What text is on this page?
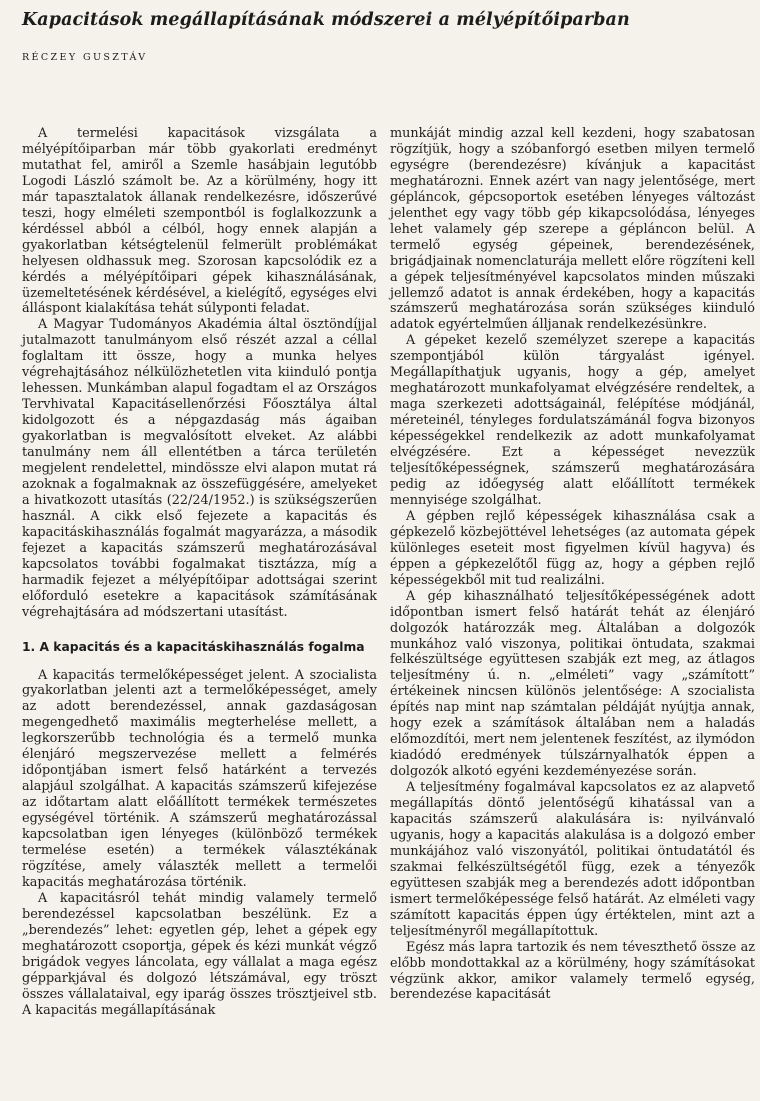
Kapacitások megállapításának módszerei a mélyépítőiparban
RÉCZEY GUSZTÁV

A termelési kapacitások vizsgálata a mélyépítőiparban már több gyakorlati eredményt mutathat fel, amiről a Szemle hasábjain legutóbb Logodi László számolt be. Az a körülmény, hogy itt már tapasztalatok állanak rendelkezésre, időszerűvé teszi, hogy elméleti szempontból is foglalkozzunk a kérdéssel abból a célból, hogy ennek alapján a gyakorlatban kétségtelenül felmerült problémákat helyesen oldhassuk meg. Szorosan kapcsolódik ez a kérdés a mélyépítőipari gépek kihasználásának, üzemeltetésének kérdésével, a kielégítő, egységes elvi álláspont kialakítása tehát súlyponti feladat.

A Magyar Tudományos Akadémia által ösztöndíjjal jutalmazott tanulmányom első részét azzal a céllal foglaltam itt össze, hogy a munka helyes végrehajtásához nélkülözhetetlen vita kiinduló pontja lehessen. Munkámban alapul fogadtam el az Országos Tervhivatal Kapacitásellenőrzési Főosztálya által kidolgozott és a népgazdaság más ágaiban gyakorlatban is megvalósított elveket. Az alábbi tanulmány nem áll ellentétben a tárca területén megjelent rendelettel, mindössze elvi alapon mutat rá azoknak a fogalmaknak az összefüggésére, amelyeket a hivatkozott utasítás (22/24/1952.) is szükségszerűen használ. A cikk első fejezete a kapacitás és kapacitáskihasználás fogalmát magyarázza, a második fejezet a kapacitás számszerű meghatározásával kapcsolatos további fogalmakat tisztázza, míg a harmadik fejezet a mélyépítőipar adottságai szerint előforduló esetekre a kapacitások számításának végrehajtására ad módszertani utasítást.

1. A kapacitás és a kapacitáskihasználás fogalma

A kapacitás termelőképességet jelent. A szocialista gyakorlatban jelenti azt a termelőképességet, amely az adott berendezéssel, annak gazdaságosan megengedhető maximális megterhelése mellett, a legkorszerűbb technológia és a termelő munka élenjáró megszervezése mellett a felmérés időpontjában ismert felső határként a tervezés alapjául szolgálhat. A kapacitás számszerű kifejezése az időtartam alatt előállított termékek természetes egységével történik. A számszerű meghatározással kapcsolatban igen lényeges (különböző termékek termelése esetén) a termékek választékának rögzítése, amely választék mellett a termelői kapacitás meghatározása történik.

A kapacitásról tehát mindig valamely termelő berendezéssel kapcsolatban beszélünk. Ez a „berendezés” lehet: egyetlen gép, lehet a gépek egy meghatározott csoportja, gépek és kézi munkát végző brigádok vegyes láncolata, egy vállalat a maga egész gépparkjával és dolgozó létszámával, egy tröszt összes vállalataival, egy iparág összes trösztjeivel stb. A kapacitás megállapításának

munkáját mindig azzal kell kezdeni, hogy szabatosan rögzítjük, hogy a szóbanforgó esetben milyen termelő egységre (berendezésre) kívánjuk a kapacitást meghatározni. Ennek azért van nagy jelentősége, mert gépláncok, gépcsoportok esetében lényeges változást jelenthet egy vagy több gép kikapcsolódása, lényeges lehet valamely gép szerepe a gépláncon belül. A termelő egység gépeinek, berendezésének, brigádjainak nomenclaturája mellett előre rögzíteni kell a gépek teljesítményével kapcsolatos minden műszaki jellemző adatot is annak érdekében, hogy a kapacitás számszerű meghatározása során szükséges kiinduló adatok egyértelműen álljanak rendelkezésünkre.

A gépeket kezelő személyzet szerepe a kapacitás szempontjából külön tárgyalást igényel. Megállapíthatjuk ugyanis, hogy a gép, amelyet meghatározott munkafolyamat elvégzésére rendeltek, a maga szerkezeti adottságainál, felépítése módjánál, méreteinél, tényleges fordulatszámánál fogva bizonyos képességekkel rendelkezik az adott munkafolyamat elvégzésére. Ezt a képességet nevezzük teljesítőképességnek, számszerű meghatározására pedig az időegység alatt előállított termékek mennyisége szolgálhat.

A gépben rejlő képességek kihasználása csak a gépkezelő közbejöttével lehetséges (az automata gépek különleges eseteit most figyelmen kívül hagyva) és éppen a gépkezelőtől függ az, hogy a gépben rejlő képességekből mit tud realizálni.

A gép kihasználható teljesítőképességének adott időpontban ismert felső határát tehát az élenjáró dolgozók határozzák meg. Általában a dolgozók munkához való viszonya, politikai öntudata, szakmai felkészültsége együttesen szabják ezt meg, az átlagos teljesítmény ú. n. „elméleti” vagy „számított” értékeinek nincsen különös jelentősége: A szocialista építés nap mint nap számtalan példáját nyújtja annak, hogy ezek a számítások általában nem a haladás előmozdítói, mert nem jelentenek feszítést, az ilymódon kiadódó eredmények túlszárnyalhatók éppen a dolgozók alkotó egyéni kezdeményezése során.

A teljesítmény fogalmával kapcsolatos ez az alapvető megállapítás döntő jelentőségű kihatással van a kapacitás számszerű alakulására is: nyilvánvaló ugyanis, hogy a kapacitás alakulása is a dolgozó ember munkájához való viszonyától, politikai öntudatától és szakmai felkészültségétől függ, ezek a tényezők együttesen szabják meg a berendezés adott időpontban ismert termelőképessége felső határát. Az elméleti vagy számított kapacitás éppen úgy értéktelen, mint azt a teljesítményről megállapítottuk.

Egész más lapra tartozik és nem téveszthető össze az előbb mondottakkal az a körülmény, hogy számításokat végzünk akkor, amikor valamely termelő egység, berendezése kapacitását
